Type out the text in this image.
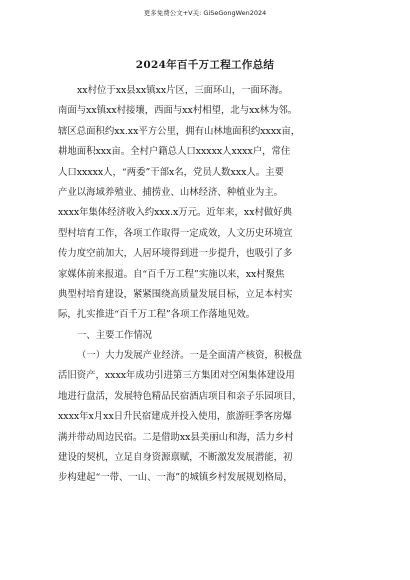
更多免费公文+V关: GiSeGongWen2024
2024年百千万工程工作总结
xx村位于xx县xx镇xx片区，三面环山，一面环海。
南面与xx镇xx村接壤，西面与xx村相望，北与xx林为邻。
辖区总面积约xx.xx平方公里，拥有山林地面积约xxxx亩，
耕地面积xxx亩。全村户籍总人口xxxxx人xxxx户，常住
人口xxxxx人，“两委”干部x名，党员人数xxx人。主要
产业以海域养殖业、捕捞业、山林经济、种植业为主。
xxxx年集体经济收入约xxx.x万元。近年来，xx村做好典
型村培育工作，各项工作取得一定成效，人文历史环境宣
传力度空前加大，人居环境得到进一步提升，也吸引了多
家媒体前来报道。自“百千万工程”实施以来，xx村聚焦
典型村培育建设，紧紧围绕高质量发展目标，立足本村实
际，扎实推进“百千万工程”各项工作落地见效。
一、主要工作情况
（一）大力发展产业经济。一是全面清产核资，积极盘
活旧资产，xxxx年成功引进第三方集团对空闲集体建设用
地进行盘活，发展特色精品民宿酒店项目和亲子乐园项目，
xxxx年x月xx日升民宿建成并投入使用，旅游旺季客房爆
满并带动周边民宿。二是借助xx县美丽山和海，活力乡村
建设的契机，立足自身资源禀赋，不断激发发展潜能，初
步构建起“一带、一山、一海”的城镇乡村发展规划格局，
